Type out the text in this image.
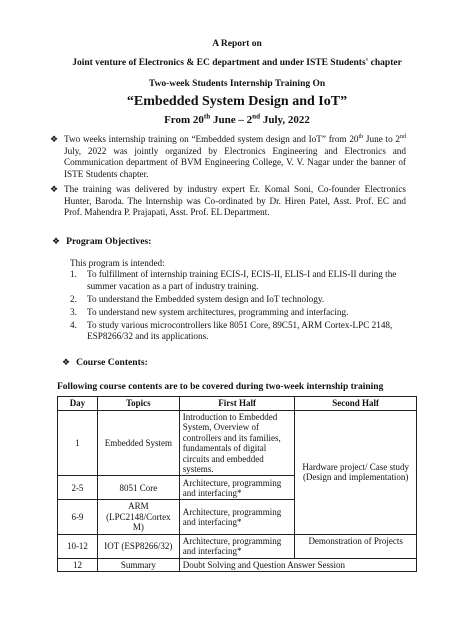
A Report on
Joint venture of Electronics & EC department and under ISTE Students' chapter
Two-week Students Internship Training On
“Embedded System Design and IoT”
From 20th June – 2nd July, 2022
❖ Two weeks internship training on “Embedded system design and IoT” from 20th June to 2nd July, 2022 was jointly organized by Electronics Engineering and Electronics and Communication department of BVM Engineering College, V. V. Nagar under the banner of ISTE Students chapter.
❖ The training was delivered by industry expert Er. Komal Soni, Co-founder Electronics Hunter, Baroda. The Internship was Co-ordinated by Dr. Hiren Patel, Asst. Prof. EC and Prof. Mahendra P. Prajapati, Asst. Prof. EL Department.
❖ Program Objectives:
This program is intended:
1. To fulfillment of internship training ECIS-I, ECIS-II, ELIS-I and ELIS-II during the summer vacation as a part of industry training.
2. To understand the Embedded system design and IoT technology.
3. To understand new system architectures, programming and interfacing.
4. To study various microcontrollers like 8051 Core, 89C51, ARM Cortex-LPC 2148, ESP8266/32 and its applications.
❖ Course Contents:
Following course contents are to be covered during two-week internship training
Day	Topics	First Half	Second Half
1	Embedded System	Introduction to Embedded System, Overview of controllers and its families, fundamentals of digital circuits and embedded systems.	Hardware project/ Case study (Design and implementation)
2-5	8051 Core	Architecture, programming and interfacing*	
6-9	ARM (LPC2148/Cortex M)	Architecture, programming and interfacing*	
10-12	IOT (ESP8266/32)	Architecture, programming and interfacing*	Demonstration of Projects
12	Summary	Doubt Solving and Question Answer Session	
